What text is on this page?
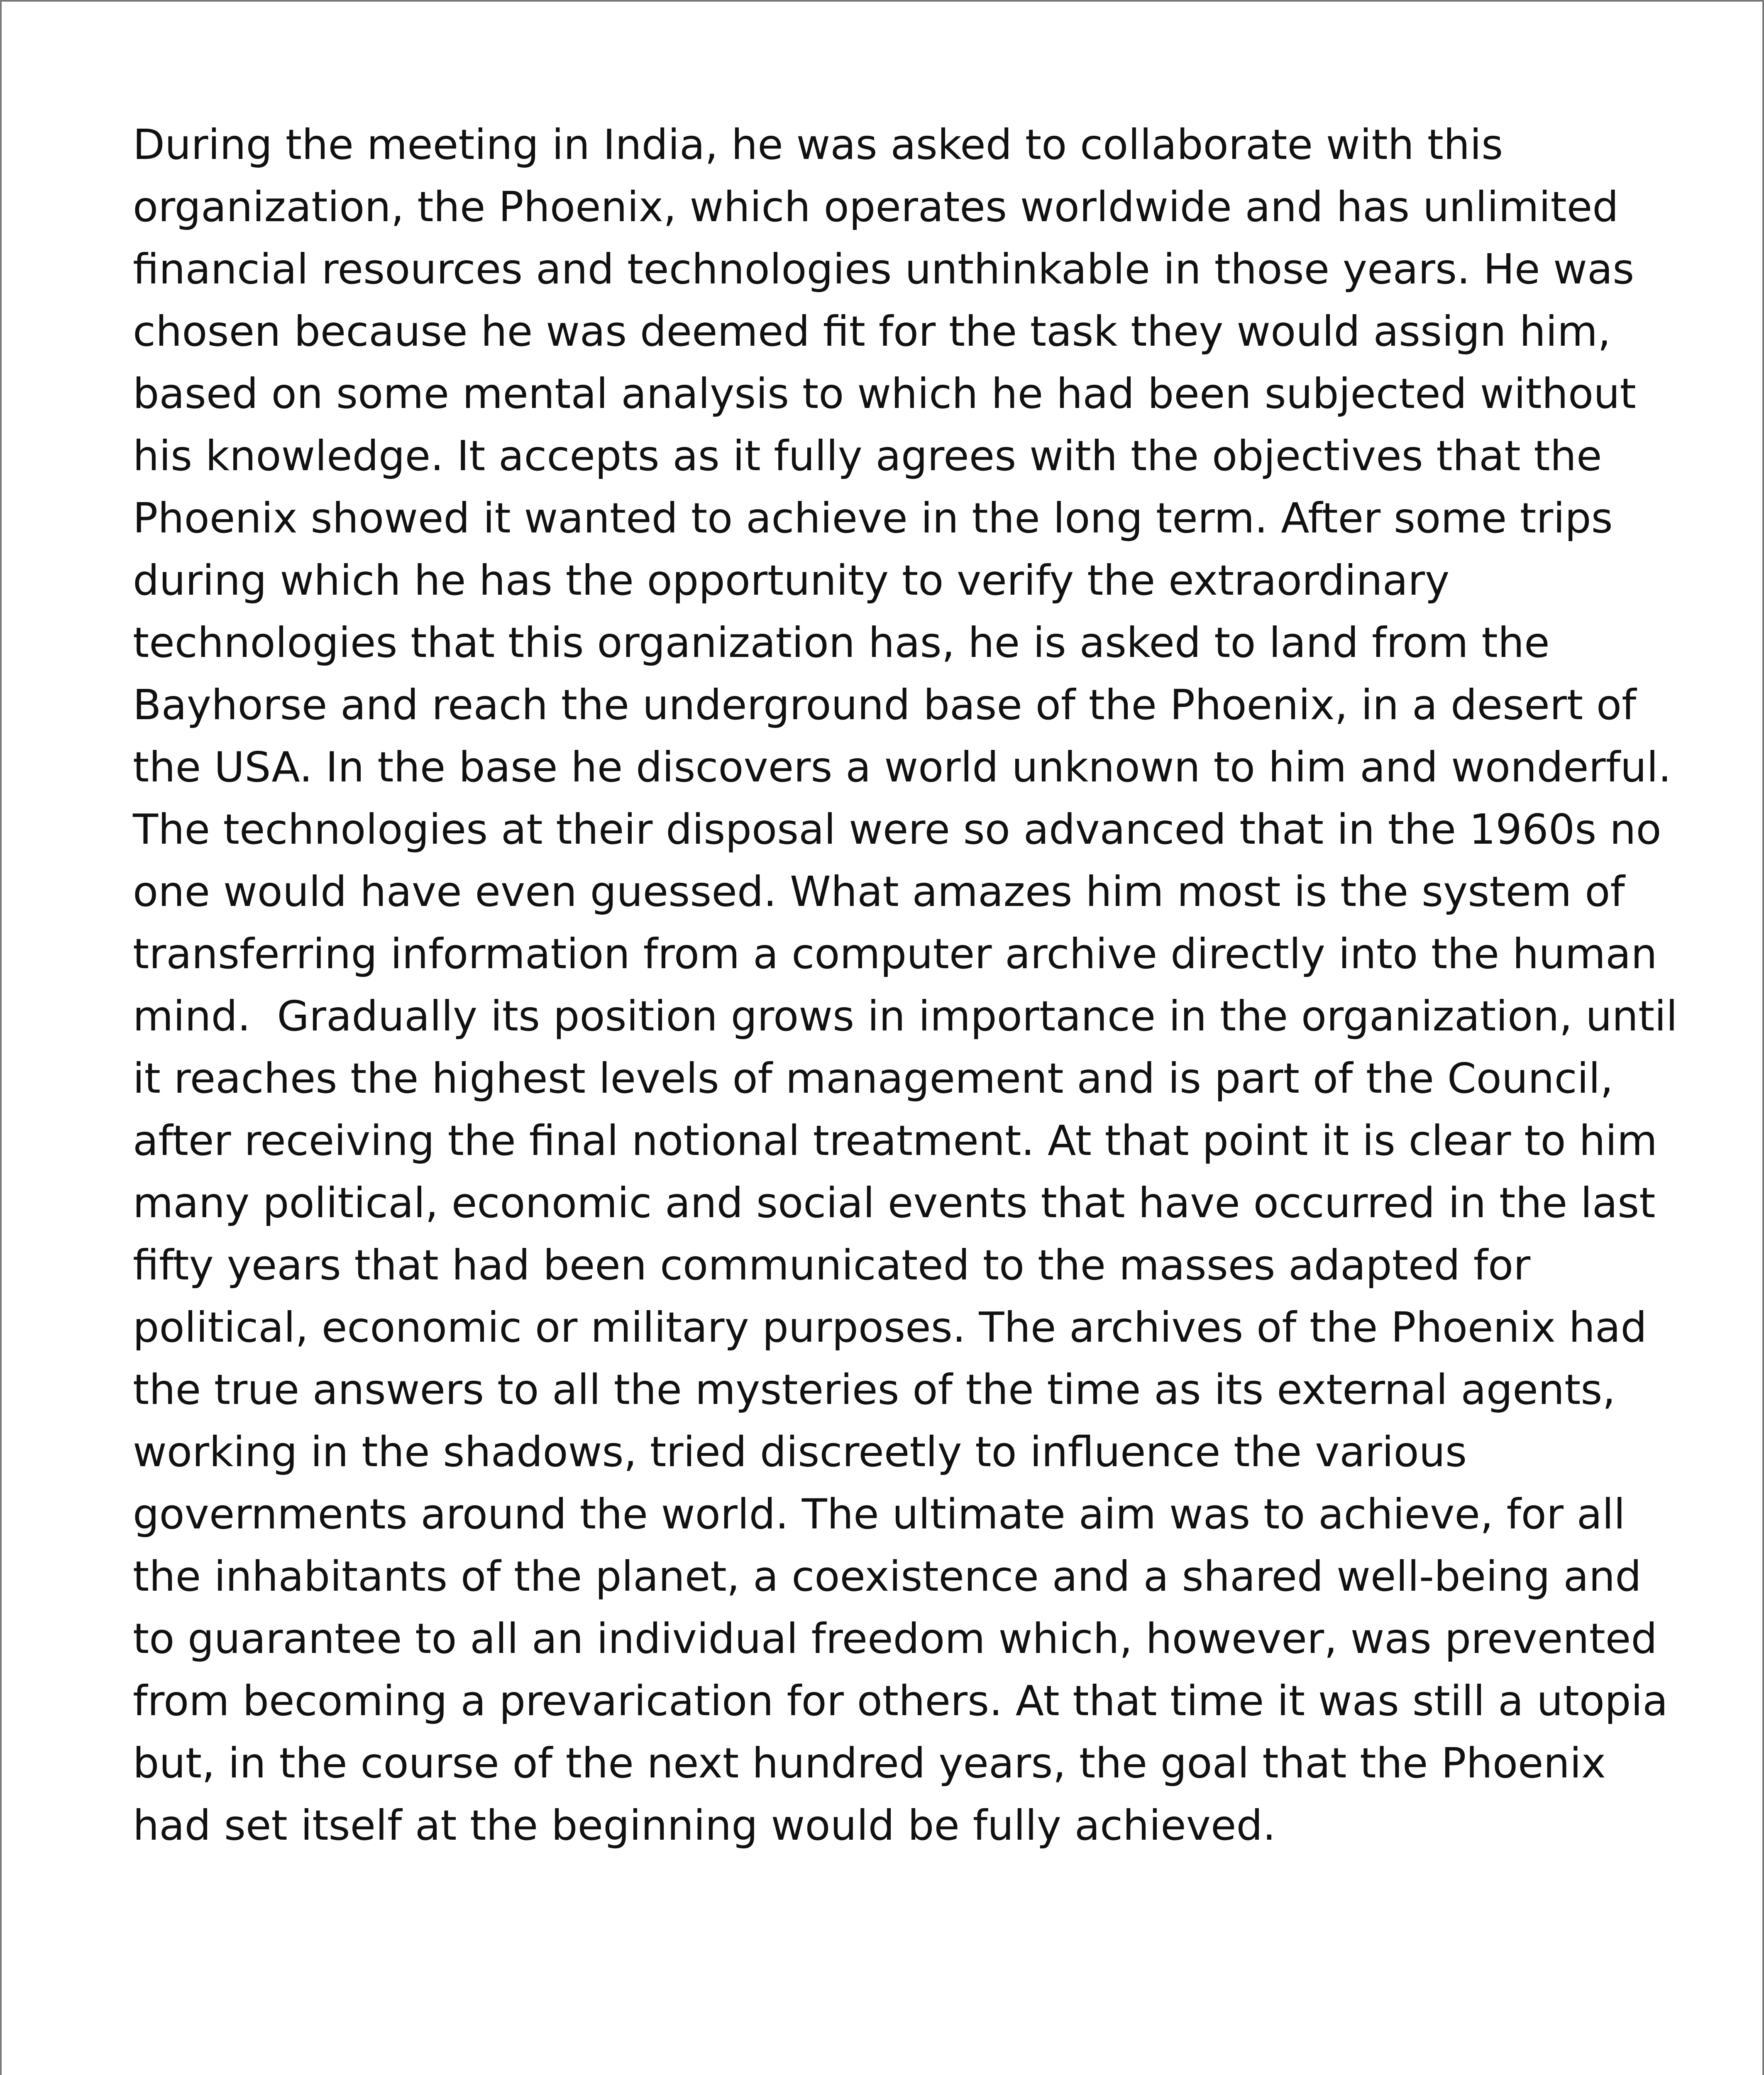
During the meeting in India, he was asked to collaborate with this
organization, the Phoenix, which operates worldwide and has unlimited
financial resources and technologies unthinkable in those years. He was
chosen because he was deemed fit for the task they would assign him,
based on some mental analysis to which he had been subjected without
his knowledge. It accepts as it fully agrees with the objectives that the
Phoenix showed it wanted to achieve in the long term. After some trips
during which he has the opportunity to verify the extraordinary
technologies that this organization has, he is asked to land from the
Bayhorse and reach the underground base of the Phoenix, in a desert of
the USA. In the base he discovers a world unknown to him and wonderful.
The technologies at their disposal were so advanced that in the 1960s no
one would have even guessed. What amazes him most is the system of
transferring information from a computer archive directly into the human
mind.  Gradually its position grows in importance in the organization, until
it reaches the highest levels of management and is part of the Council,
after receiving the final notional treatment. At that point it is clear to him
many political, economic and social events that have occurred in the last
fifty years that had been communicated to the masses adapted for
political, economic or military purposes. The archives of the Phoenix had
the true answers to all the mysteries of the time as its external agents,
working in the shadows, tried discreetly to influence the various
governments around the world. The ultimate aim was to achieve, for all
the inhabitants of the planet, a coexistence and a shared well-being and
to guarantee to all an individual freedom which, however, was prevented
from becoming a prevarication for others. At that time it was still a utopia
but, in the course of the next hundred years, the goal that the Phoenix
had set itself at the beginning would be fully achieved.
